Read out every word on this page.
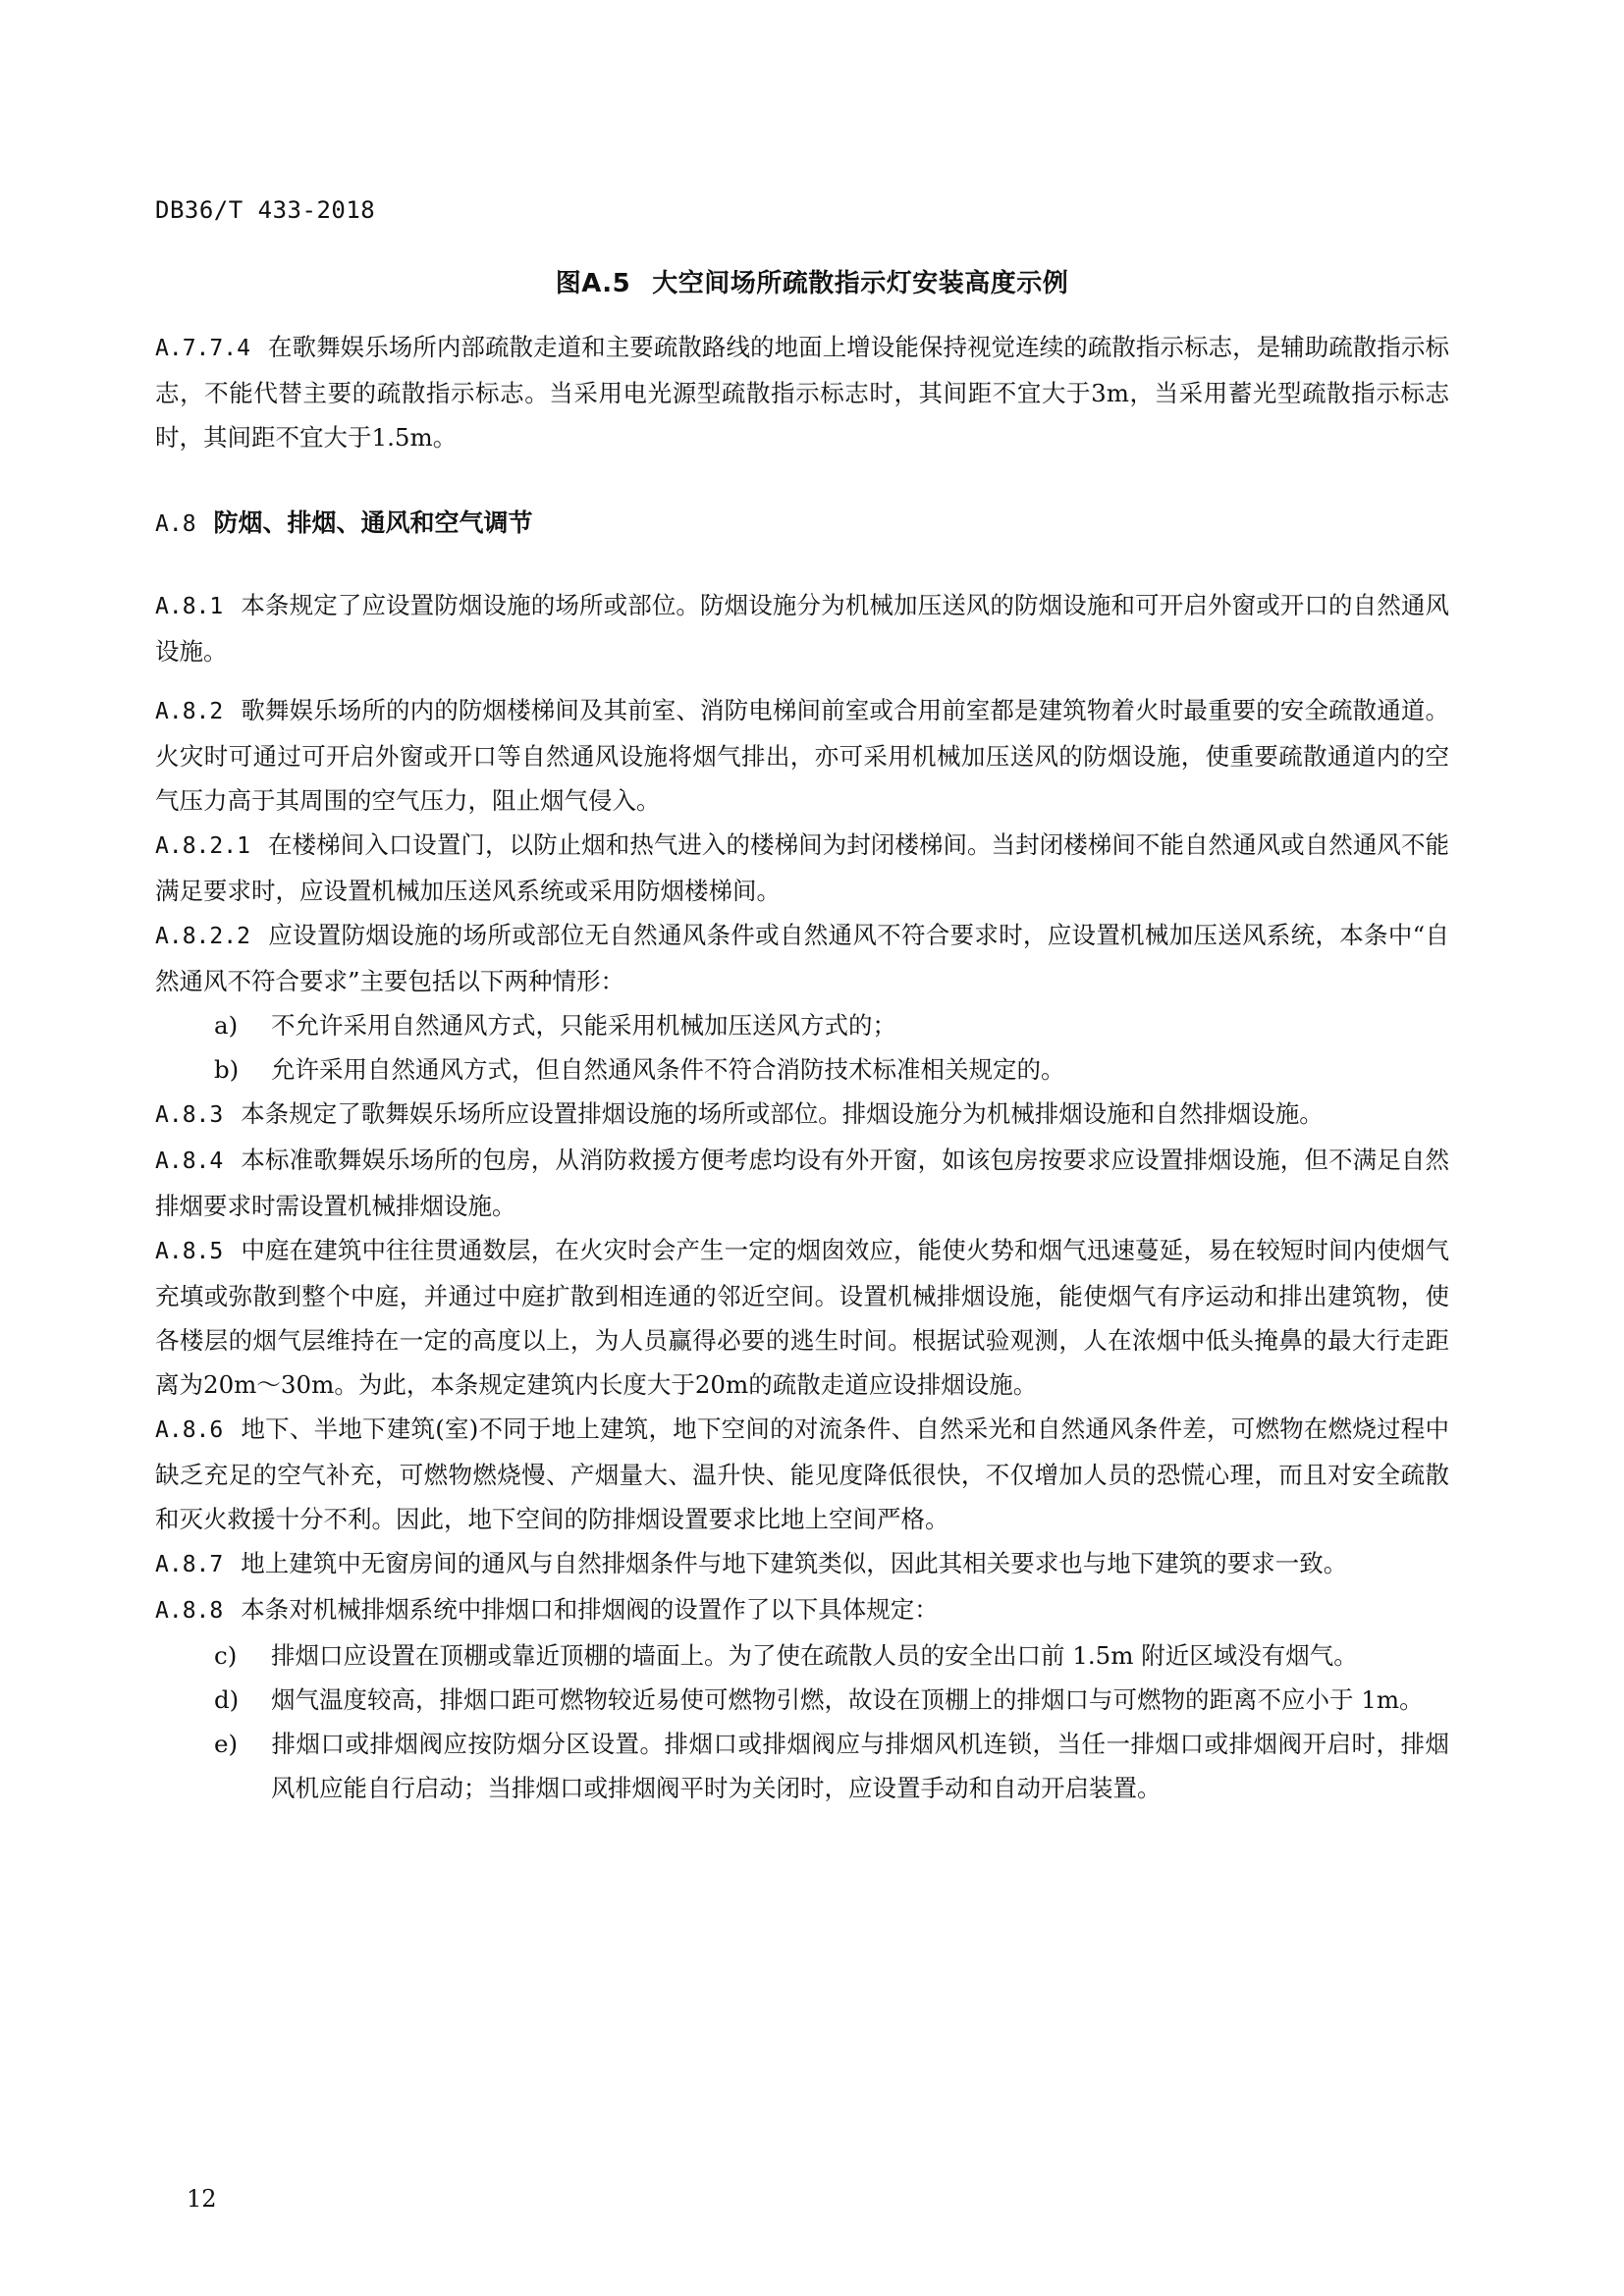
DB36/T 433-2018
图A.5 大空间场所疏散指示灯安装高度示例

A.7.7.4 在歌舞娱乐场所内部疏散走道和主要疏散路线的地面上增设能保持视觉连续的疏散指示标志，是辅助疏散指示标志，不能代替主要的疏散指示标志。当采用电光源型疏散指示标志时，其间距不宜大于3m，当采用蓄光型疏散指示标志时，其间距不宜大于1.5m。

A.8 防烟、排烟、通风和空气调节

A.8.1 本条规定了应设置防烟设施的场所或部位。防烟设施分为机械加压送风的防烟设施和可开启外窗或开口的自然通风设施。

A.8.2 歌舞娱乐场所的内的防烟楼梯间及其前室、消防电梯间前室或合用前室都是建筑物着火时最重要的安全疏散通道。火灾时可通过可开启外窗或开口等自然通风设施将烟气排出，亦可采用机械加压送风的防烟设施，使重要疏散通道内的空气压力高于其周围的空气压力，阻止烟气侵入。

A.8.2.1 在楼梯间入口设置门，以防止烟和热气进入的楼梯间为封闭楼梯间。当封闭楼梯间不能自然通风或自然通风不能满足要求时，应设置机械加压送风系统或采用防烟楼梯间。

A.8.2.2 应设置防烟设施的场所或部位无自然通风条件或自然通风不符合要求时，应设置机械加压送风系统，本条中“自然通风不符合要求”主要包括以下两种情形：

a) 不允许采用自然通风方式，只能采用机械加压送风方式的；

b) 允许采用自然通风方式，但自然通风条件不符合消防技术标准相关规定的。

A.8.3 本条规定了歌舞娱乐场所应设置排烟设施的场所或部位。排烟设施分为机械排烟设施和自然排烟设施。

A.8.4 本标准歌舞娱乐场所的包房，从消防救援方便考虑均设有外开窗，如该包房按要求应设置排烟设施，但不满足自然排烟要求时需设置机械排烟设施。

A.8.5 中庭在建筑中往往贯通数层，在火灾时会产生一定的烟囱效应，能使火势和烟气迅速蔓延，易在较短时间内使烟气充填或弥散到整个中庭，并通过中庭扩散到相连通的邻近空间。设置机械排烟设施，能使烟气有序运动和排出建筑物，使各楼层的烟气层维持在一定的高度以上，为人员赢得必要的逃生时间。根据试验观测，人在浓烟中低头掩鼻的最大行走距离为20m～30m。为此，本条规定建筑内长度大于20m的疏散走道应设排烟设施。

A.8.6 地下、半地下建筑(室)不同于地上建筑，地下空间的对流条件、自然采光和自然通风条件差，可燃物在燃烧过程中缺乏充足的空气补充，可燃物燃烧慢、产烟量大、温升快、能见度降低很快，不仅增加人员的恐慌心理，而且对安全疏散和灭火救援十分不利。因此，地下空间的防排烟设置要求比地上空间严格。

A.8.7 地上建筑中无窗房间的通风与自然排烟条件与地下建筑类似，因此其相关要求也与地下建筑的要求一致。

A.8.8 本条对机械排烟系统中排烟口和排烟阀的设置作了以下具体规定：

c) 排烟口应设置在顶棚或靠近顶棚的墙面上。为了使在疏散人员的安全出口前 1.5m 附近区域没有烟气。

d) 烟气温度较高，排烟口距可燃物较近易使可燃物引燃，故设在顶棚上的排烟口与可燃物的距离不应小于 1m。

e) 排烟口或排烟阀应按防烟分区设置。排烟口或排烟阀应与排烟风机连锁，当任一排烟口或排烟阀开启时，排烟风机应能自行启动；当排烟口或排烟阀平时为关闭时，应设置手动和自动开启装置。

12
